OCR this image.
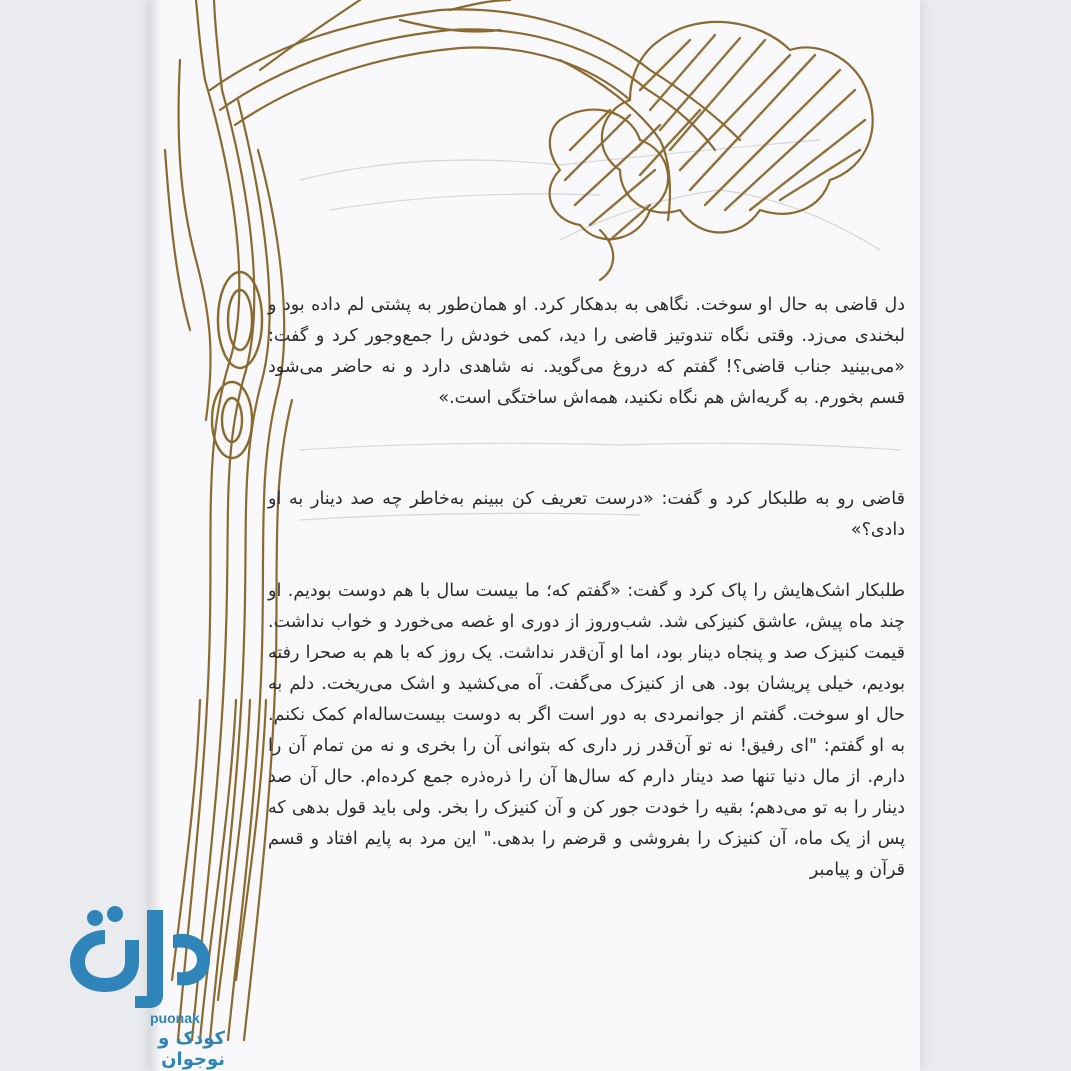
دل قاضی به حال او سوخت. نگاهی به بدهکار کرد. او همان‌طور به پشتی لم داده بود و لبخندی می‌زد. وقتی نگاه تندوتیز قاضی را دید، کمی خودش را جمع‌وجور کرد و گفت: «می‌بینید جناب قاضی؟! گفتم که دروغ می‌گوید. نه شاهدی دارد و نه حاضر می‌شود قسم بخورم. به گریه‌اش هم نگاه نکنید، همه‌اش ساختگی است.»
قاضی رو به طلبکار کرد و گفت: «درست تعریف کن ببینم به‌خاطر چه صد دینار به او دادی؟»
طلبکار اشک‌هایش را پاک کرد و گفت: «گفتم که؛ ما بیست سال با هم دوست بودیم. او چند ماه پیش، عاشق کنیزکی شد. شب‌وروز از دوری او غصه می‌خورد و خواب نداشت. قیمت کنیزک صد و پنجاه دینار بود، اما او آن‌قدر نداشت. یک روز که با هم به صحرا رفته بودیم، خیلی پریشان بود. هی از کنیزک می‌گفت. آه می‌کشید و اشک می‌ریخت. دلم به حال او سوخت. گفتم از جوانمردی به دور است اگر به دوست بیست‌ساله‌ام کمک نکنم. به او گفتم: "ای رفیق! نه تو آن‌قدر زر داری که بتوانی آن را بخری و نه من تمام آن را دارم. از مال دنیا تنها صد دینار دارم که سال‌ها آن را ذره‌ذره جمع کرده‌ام. حال آن صد دینار را به تو می‌دهم؛ بقیه را خودت جور کن و آن کنیزک را بخر. ولی باید قول بدهی که پس از یک ماه، آن کنیزک را بفروشی و قرضم را بدهی." این مرد به پایم افتاد و قسم قرآن و پیامبر
puonak
کودک و نوجوان
